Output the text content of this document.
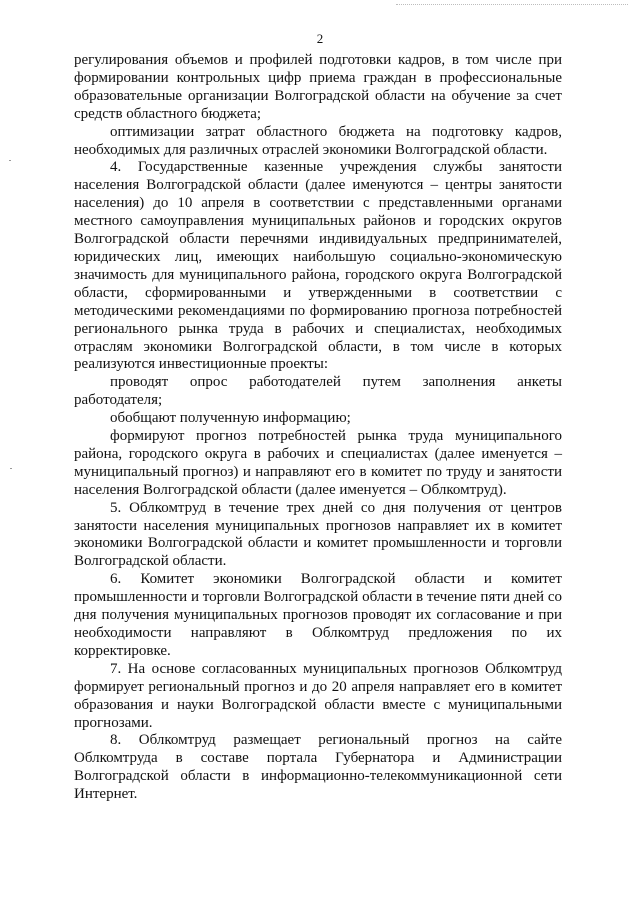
2

регулирования объемов и профилей подготовки кадров, в том числе при формировании контрольных цифр приема граждан в профессиональные образовательные организации Волгоградской области на обучение за счет средств областного бюджета;

оптимизации затрат областного бюджета на подготовку кадров, необходимых для различных отраслей экономики Волгоградской области.

4. Государственные казенные учреждения службы занятости населения Волгоградской области (далее именуются – центры занятости населения) до 10 апреля в соответствии с представленными органами местного самоуправления муниципальных районов и городских округов Волгоградской области перечнями индивидуальных предпринимателей, юридических лиц, имеющих наибольшую социально-экономическую значимость для муниципального района, городского округа Волгоградской области, сформированными и утвержденными в соответствии с методическими рекомендациями по формированию прогноза потребностей регионального рынка труда в рабочих и специалистах, необходимых отраслям экономики Волгоградской области, в том числе в которых реализуются инвестиционные проекты:

проводят опрос работодателей путем заполнения анкеты работодателя;

обобщают полученную информацию;

формируют прогноз потребностей рынка труда муниципального района, городского округа в рабочих и специалистах (далее именуется – муниципальный прогноз) и направляют его в комитет по труду и занятости населения Волгоградской области (далее именуется – Облкомтруд).

5. Облкомтруд в течение трех дней со дня получения от центров занятости населения муниципальных прогнозов направляет их в комитет экономики Волгоградской области и комитет промышленности и торговли Волгоградской области.

6. Комитет экономики Волгоградской области и комитет промышленности и торговли Волгоградской области в течение пяти дней со дня получения муниципальных прогнозов проводят их согласование и при необходимости направляют в Облкомтруд предложения по их корректировке.

7. На основе согласованных муниципальных прогнозов Облкомтруд формирует региональный прогноз и до 20 апреля направляет его в комитет образования и науки Волгоградской области вместе с муниципальными прогнозами.

8. Облкомтруд размещает региональный прогноз на сайте Облкомтруда в составе портала Губернатора и Администрации Волгоградской области в информационно-телекоммуникационной сети Интернет.
